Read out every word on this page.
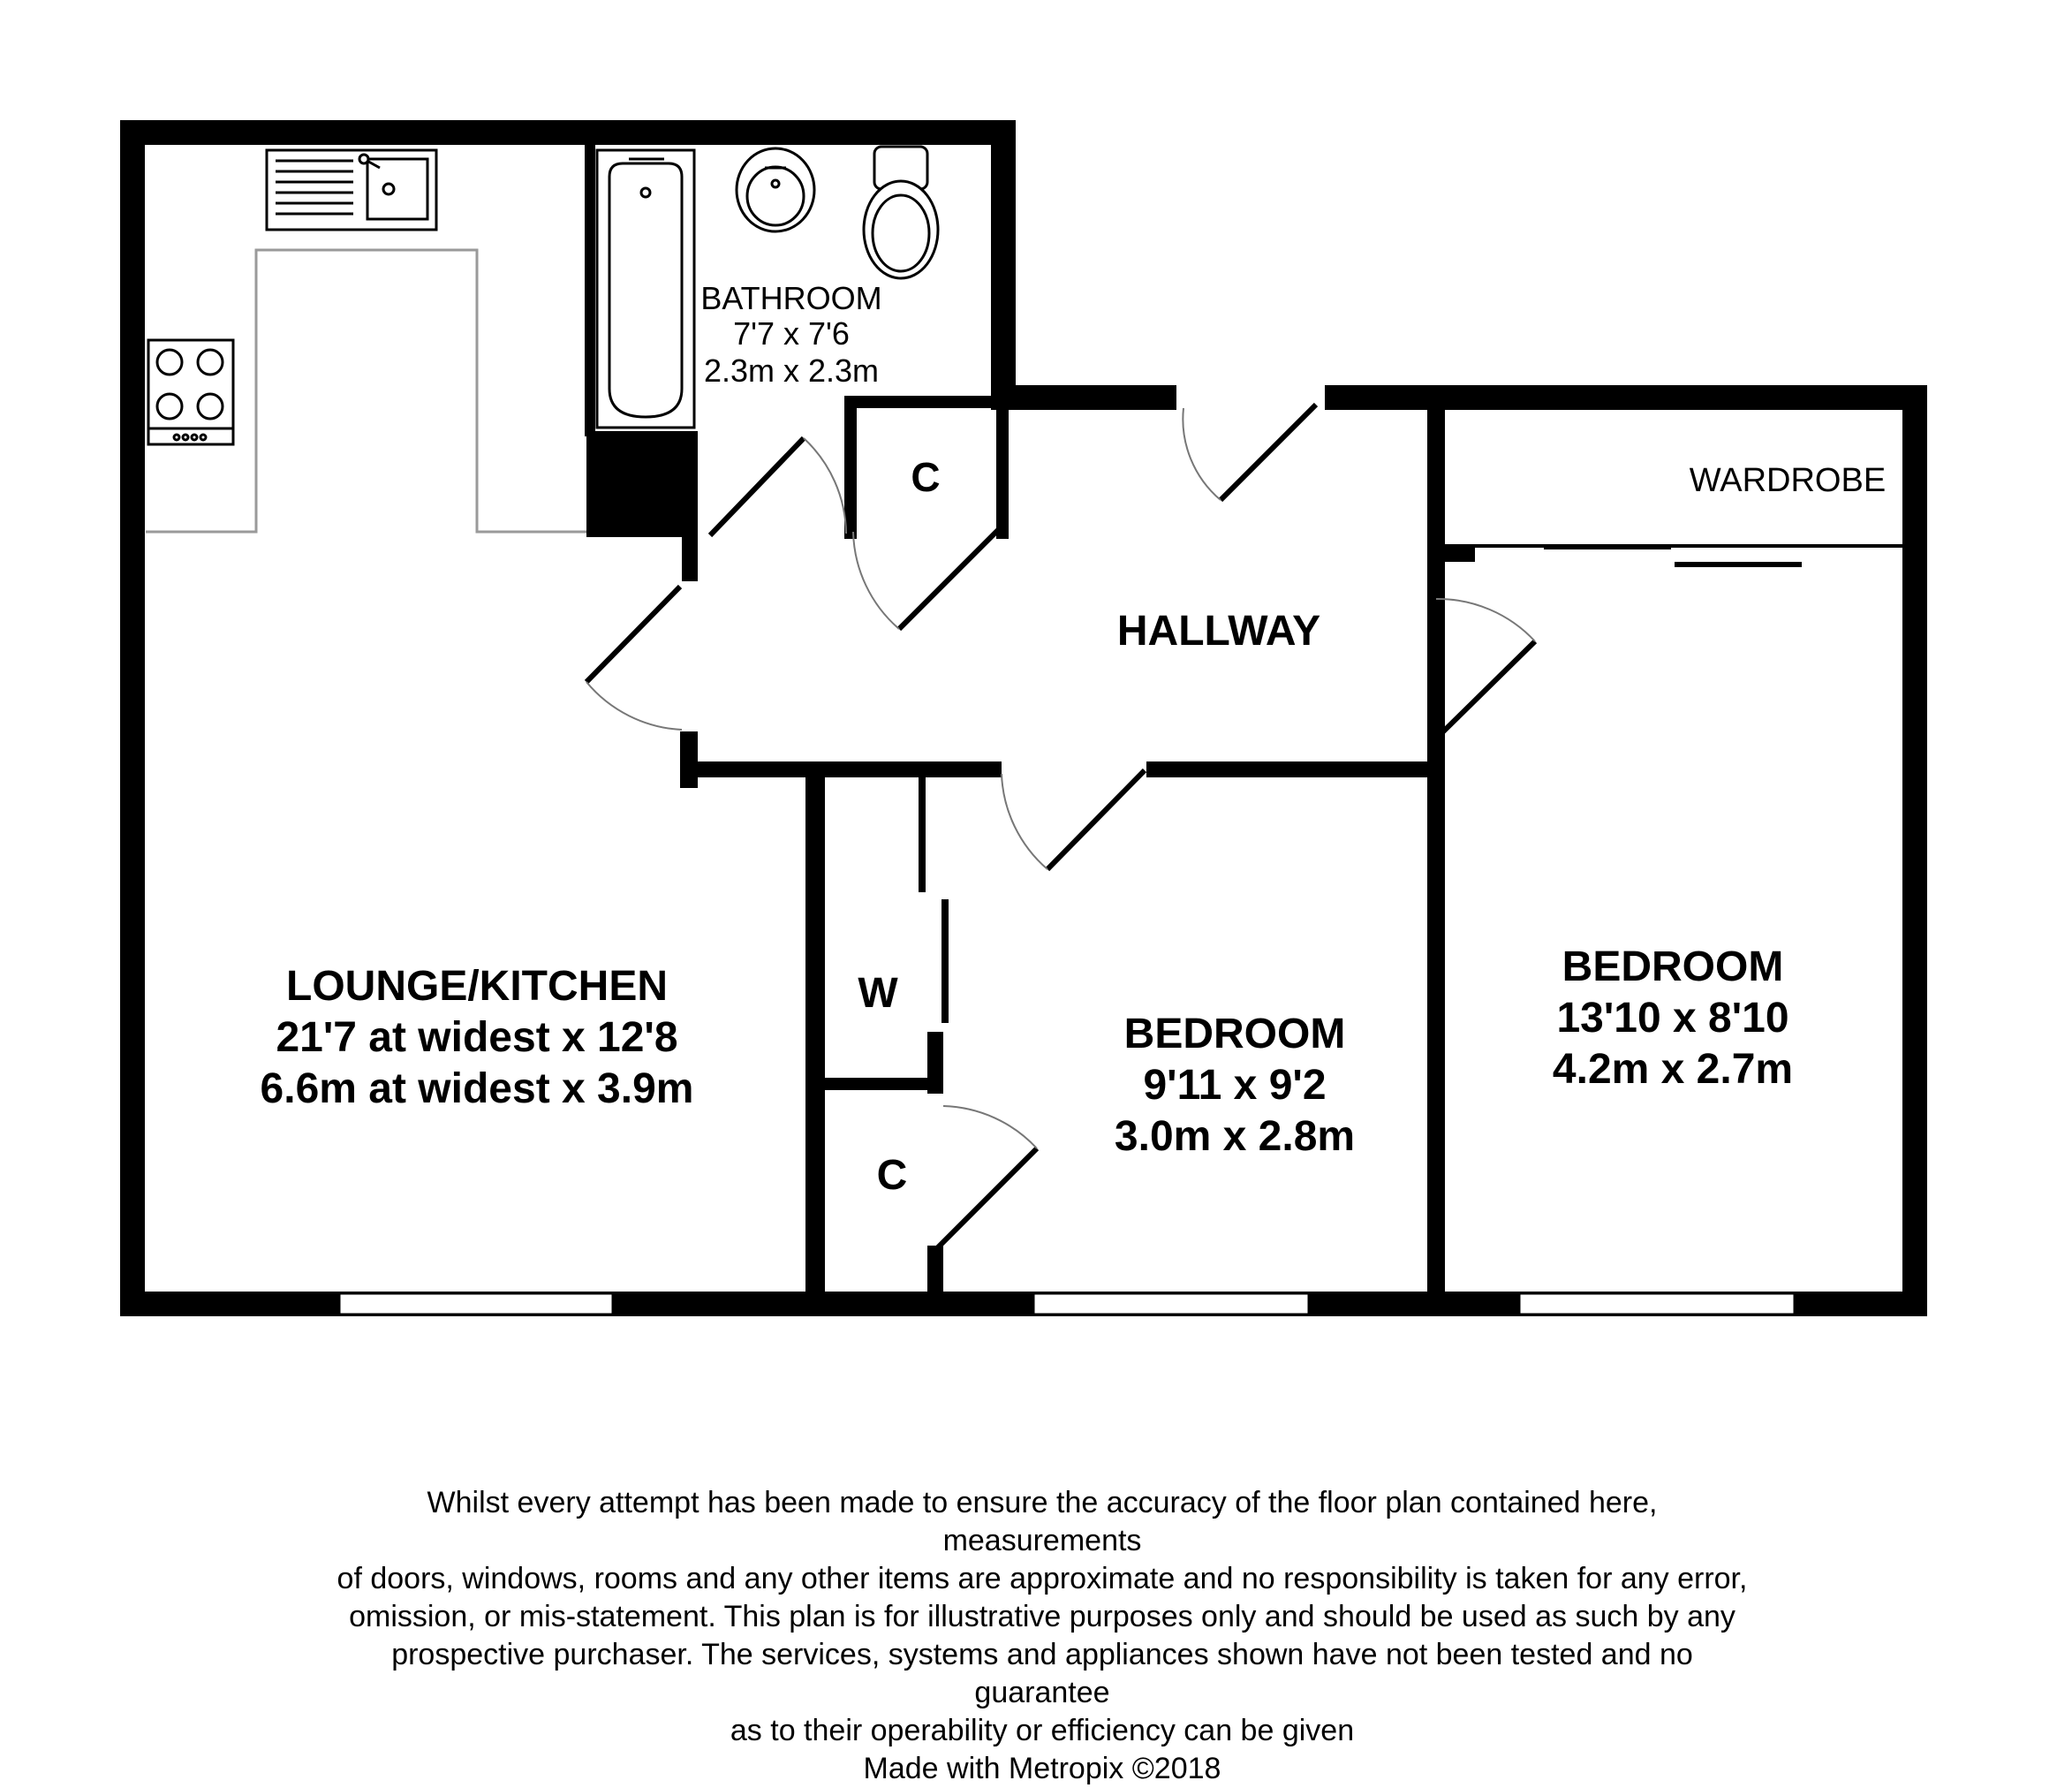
BATHROOM
7'7 x 7'6
2.3m x 2.3m
C
HALLWAY
WARDROBE
LOUNGE/KITCHEN
21'7 at widest x 12'8
6.6m at widest x 3.9m
W
C
BEDROOM
9'11 x 9'2
3.0m x 2.8m
BEDROOM
13'10 x 8'10
4.2m x 2.7m
Whilst every attempt has been made to ensure the accuracy of the floor plan contained here, measurements
of doors, windows, rooms and any other items are approximate and no responsibility is taken for any error,
omission, or mis-statement. This plan is for illustrative purposes only and should be used as such by any
prospective purchaser. The services, systems and appliances shown have not been tested and no guarantee
as to their operability or efficiency can be given
Made with Metropix ©2018
